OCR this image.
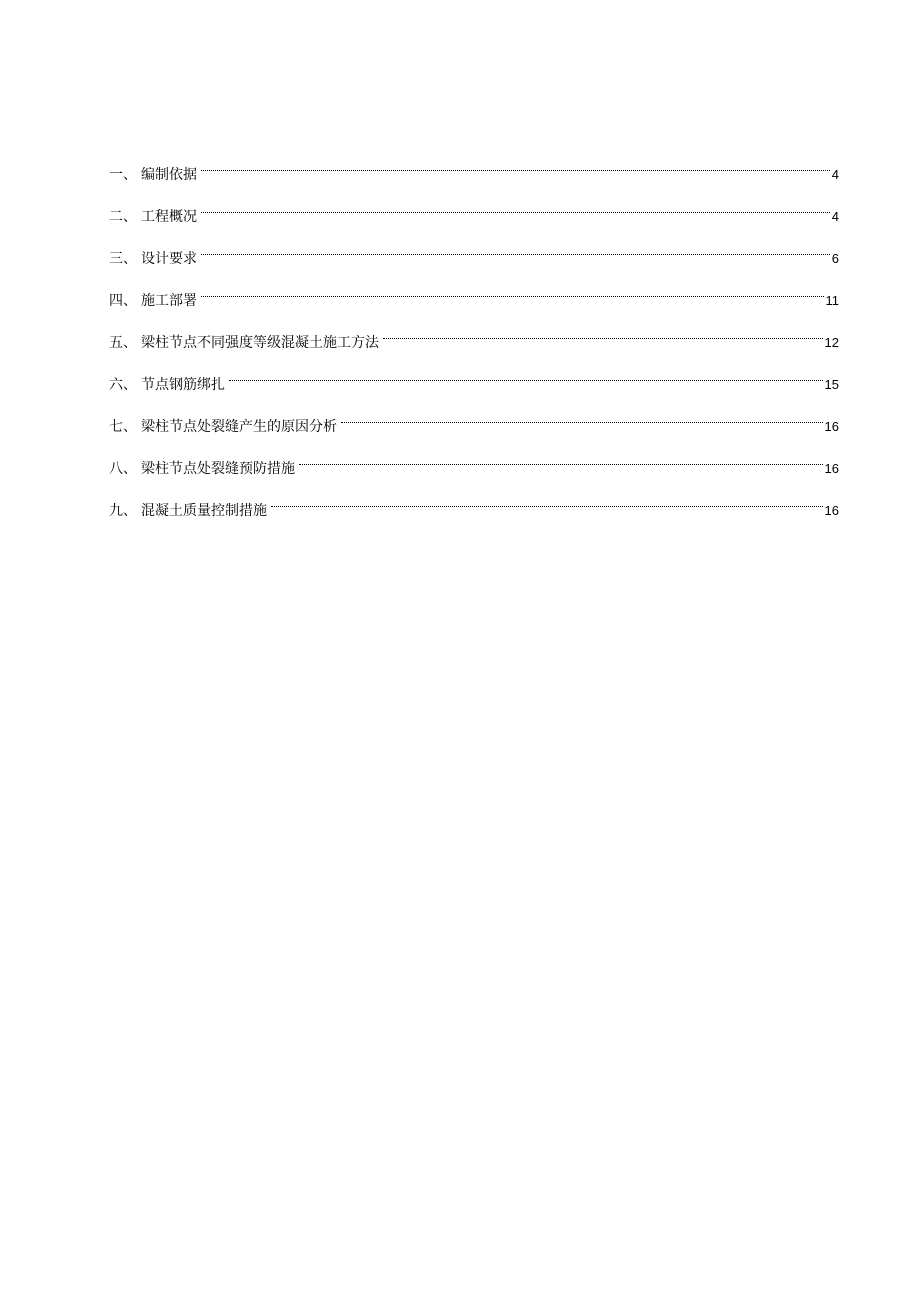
一 、 编制依据	4
二 、 工程概况	4
三 、 设计要求	6
四 、 施工部署	11
五 、 梁柱节点不同强度等级混凝土施工方法	12
六 、 节点钢筋绑扎	15
七 、 梁柱节点处裂缝产生的原因分析	16
八 、 梁柱节点处裂缝预防措施	16
九 、 混凝土质量控制措施	16
